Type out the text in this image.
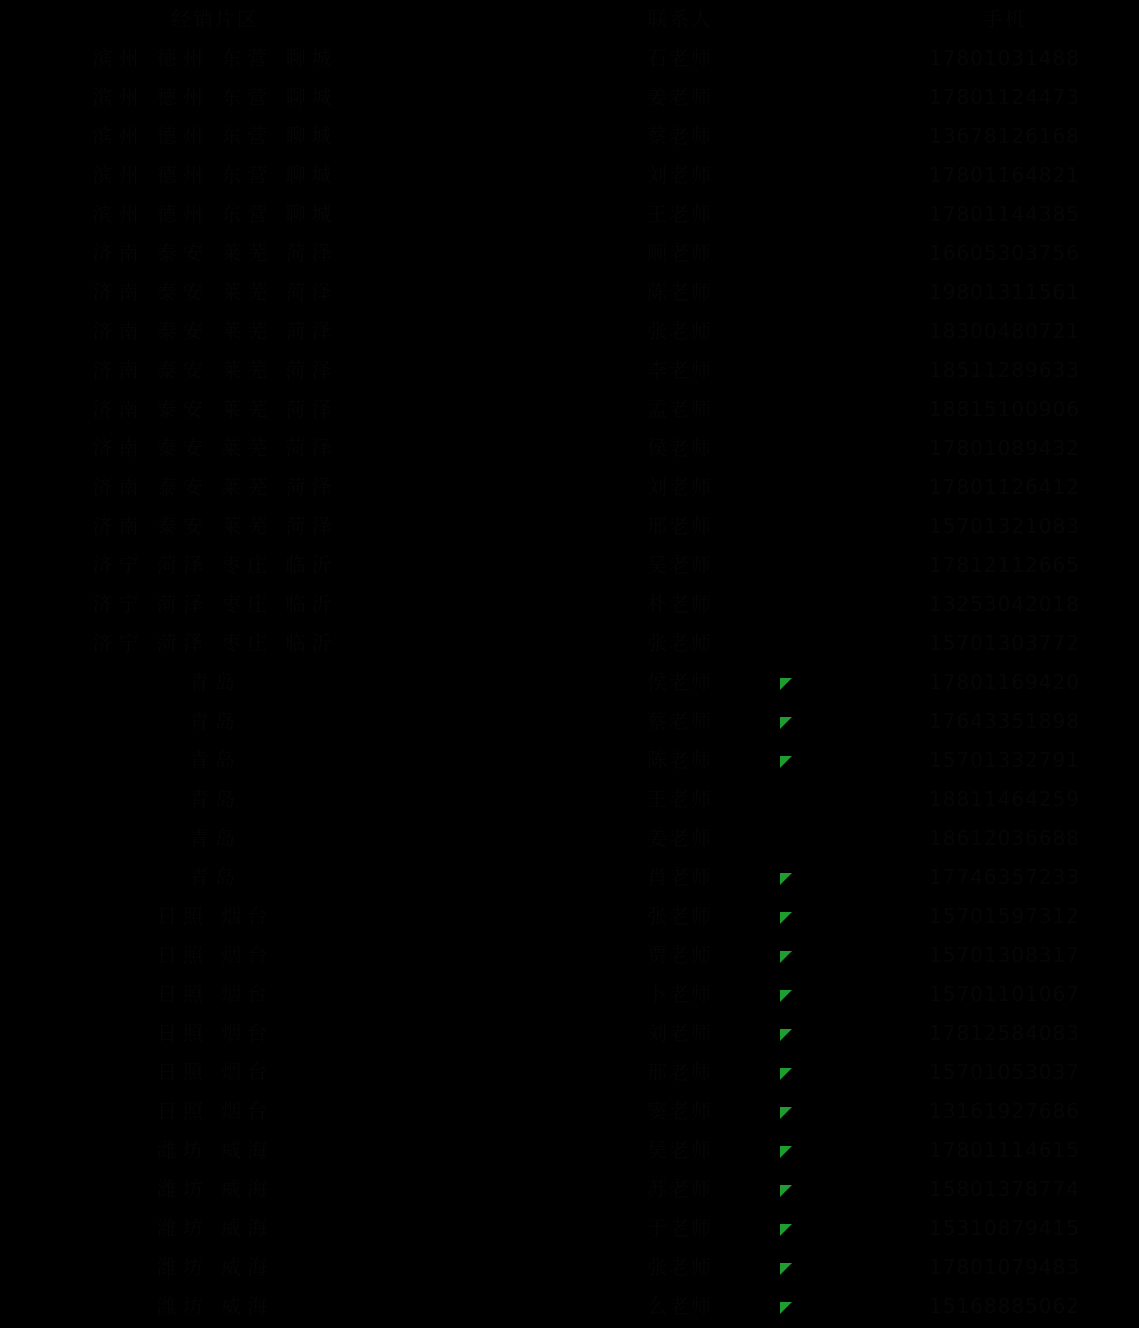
经销片区		联系人		手机
滨州 德州 东营 聊城		石老师		17801031488
滨州 德州 东营 聊城		姜老师		17801124473
滨州 德州 东营 聊城		蔡老师		13678126168
滨州 德州 东营 聊城		刘老师		17801164821
滨州 德州 东营 聊城		王老师		17801144385
济南 泰安 莱芜 菏泽		顺老师		16605303756
济南 泰安 莱芜 菏泽		陈老师		19801311561
济南 泰安 莱芜 菏泽		张老师		18300480721
济南 泰安 莱芜 菏泽		李老师		18511289633
济南 泰安 莱芜 菏泽		孟老师		18815100906
济南 泰安 莱芜 菏泽		侯老师		17801089432
济南 泰安 莱芜 菏泽		刘老师		17801126412
济南 泰安 莱芜 菏泽		邢老师		15701321083
济宁 菏泽 枣庄 临沂		吴老师		17812112665
济宁 菏泽 枣庄 临沂		朴老师		13253042018
济宁 菏泽 枣庄 临沂		张老师		15701303772
青岛		侯老师		17801169420
青岛		蔡老师		17643351898
青岛		陈老师		15701332791
青岛		王老师		18811464259
青岛		姜老师		18612036688
青岛		肖老师		17746357233
日照 烟台		张老师		15701597312
日照 烟台		贾老师		15701308317
日照 烟台		卜老师		15701101067
日照 烟台		刘老师		17812584083
日照 烟台		邢老师		15701053037
日照 烟台		窦老师		13161927686
潍坊 威海		吴老师		17801114615
潍坊 威海		苏老师		15801378774
潍坊 威海		于老师		15310879415
潍坊 威海		张老师		17801079483
潍坊 威海		么老师		15168885062
